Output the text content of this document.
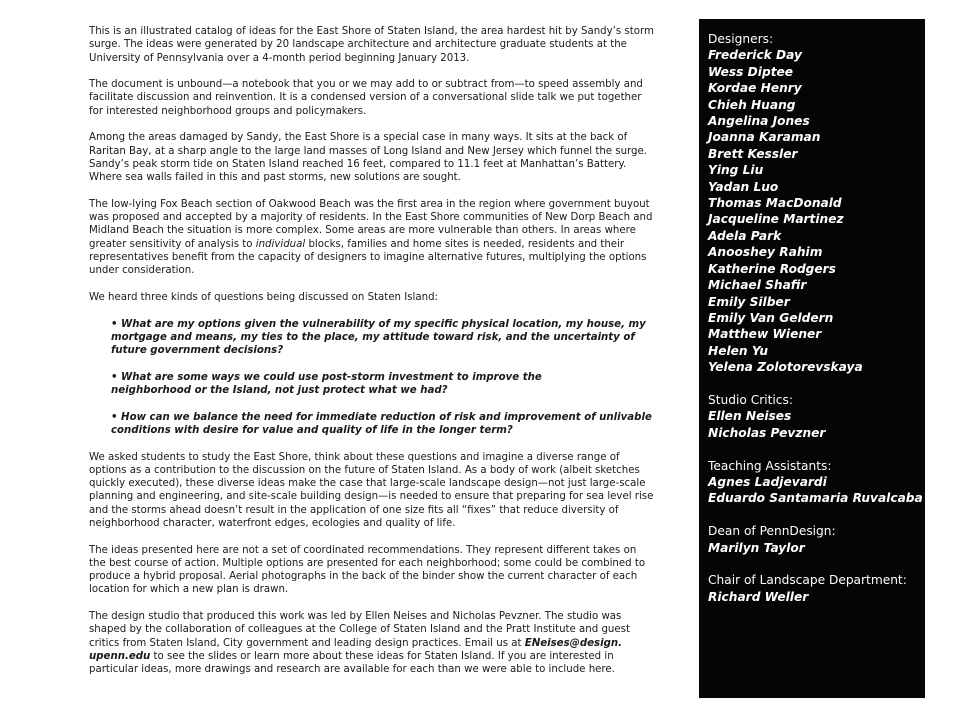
This is an illustrated catalog of ideas for the East Shore of Staten Island, the area hardest hit by Sandy’s storm surge. The ideas were generated by 20 landscape architecture and architecture graduate students at the University of Pennsylvania over a 4-month period beginning January 2013.

The document is unbound—a notebook that you or we may add to or subtract from—to speed assembly and facilitate discussion and reinvention. It is a condensed version of a conversational slide talk we put together for interested neighborhood groups and policymakers.

Among the areas damaged by Sandy, the East Shore is a special case in many ways. It sits at the back of Raritan Bay, at a sharp angle to the large land masses of Long Island and New Jersey which funnel the surge. Sandy’s peak storm tide on Staten Island reached 16 feet, compared to 11.1 feet at Manhattan’s Battery. Where sea walls failed in this and past storms, new solutions are sought.

The low-lying Fox Beach section of Oakwood Beach was the first area in the region where government buyout was proposed and accepted by a majority of residents. In the East Shore communities of New Dorp Beach and Midland Beach the situation is more complex. Some areas are more vulnerable than others. In areas where greater sensitivity of analysis to individual blocks, families and home sites is needed, residents and their representatives benefit from the capacity of designers to imagine alternative futures, multiplying the options under consideration.

We heard three kinds of questions being discussed on Staten Island:

• What are my options given the vulnerability of my specific physical location, my house, my mortgage and means, my ties to the place, my attitude toward risk, and the uncertainty of future government decisions?

• What are some ways we could use post-storm investment to improve the
neighborhood or the Island, not just protect what we had?

• How can we balance the need for immediate reduction of risk and improvement of unlivable conditions with desire for value and quality of life in the longer term?

We asked students to study the East Shore, think about these questions and imagine a diverse range of options as a contribution to the discussion on the future of Staten Island. As a body of work (albeit sketches quickly executed), these diverse ideas make the case that large-scale landscape design—not just large-scale planning and engineering, and site-scale building design—is needed to ensure that preparing for sea level rise and the storms ahead doesn’t result in the application of one size fits all “fixes” that reduce diversity of neighborhood character, waterfront edges, ecologies and quality of life.

The ideas presented here are not a set of coordinated recommendations. They represent different takes on the best course of action. Multiple options are presented for each neighborhood; some could be combined to produce a hybrid proposal. Aerial photographs in the back of the binder show the current character of each location for which a new plan is drawn.

The design studio that produced this work was led by Ellen Neises and Nicholas Pevzner. The studio was shaped by the collaboration of colleagues at the College of Staten Island and the Pratt Institute and guest critics from Staten Island, City government and leading design practices. Email us at ENeises@design.
upenn.edu to see the slides or learn more about these ideas for Staten Island. If you are interested in particular ideas, more drawings and research are available for each than we were able to include here.

Designers:
Frederick Day
Wess Diptee
Kordae Henry
Chieh Huang
Angelina Jones
Joanna Karaman
Brett Kessler
Ying Liu
Yadan Luo
Thomas MacDonald
Jacqueline Martinez
Adela Park
Anooshey Rahim
Katherine Rodgers
Michael Shafir
Emily Silber
Emily Van Geldern
Matthew Wiener
Helen Yu
Yelena Zolotorevskaya
Studio Critics:
Ellen Neises
Nicholas Pevzner
Teaching Assistants:
Agnes Ladjevardi
Eduardo Santamaria Ruvalcaba
Dean of PennDesign:
Marilyn Taylor
Chair of Landscape Department:
Richard Weller
